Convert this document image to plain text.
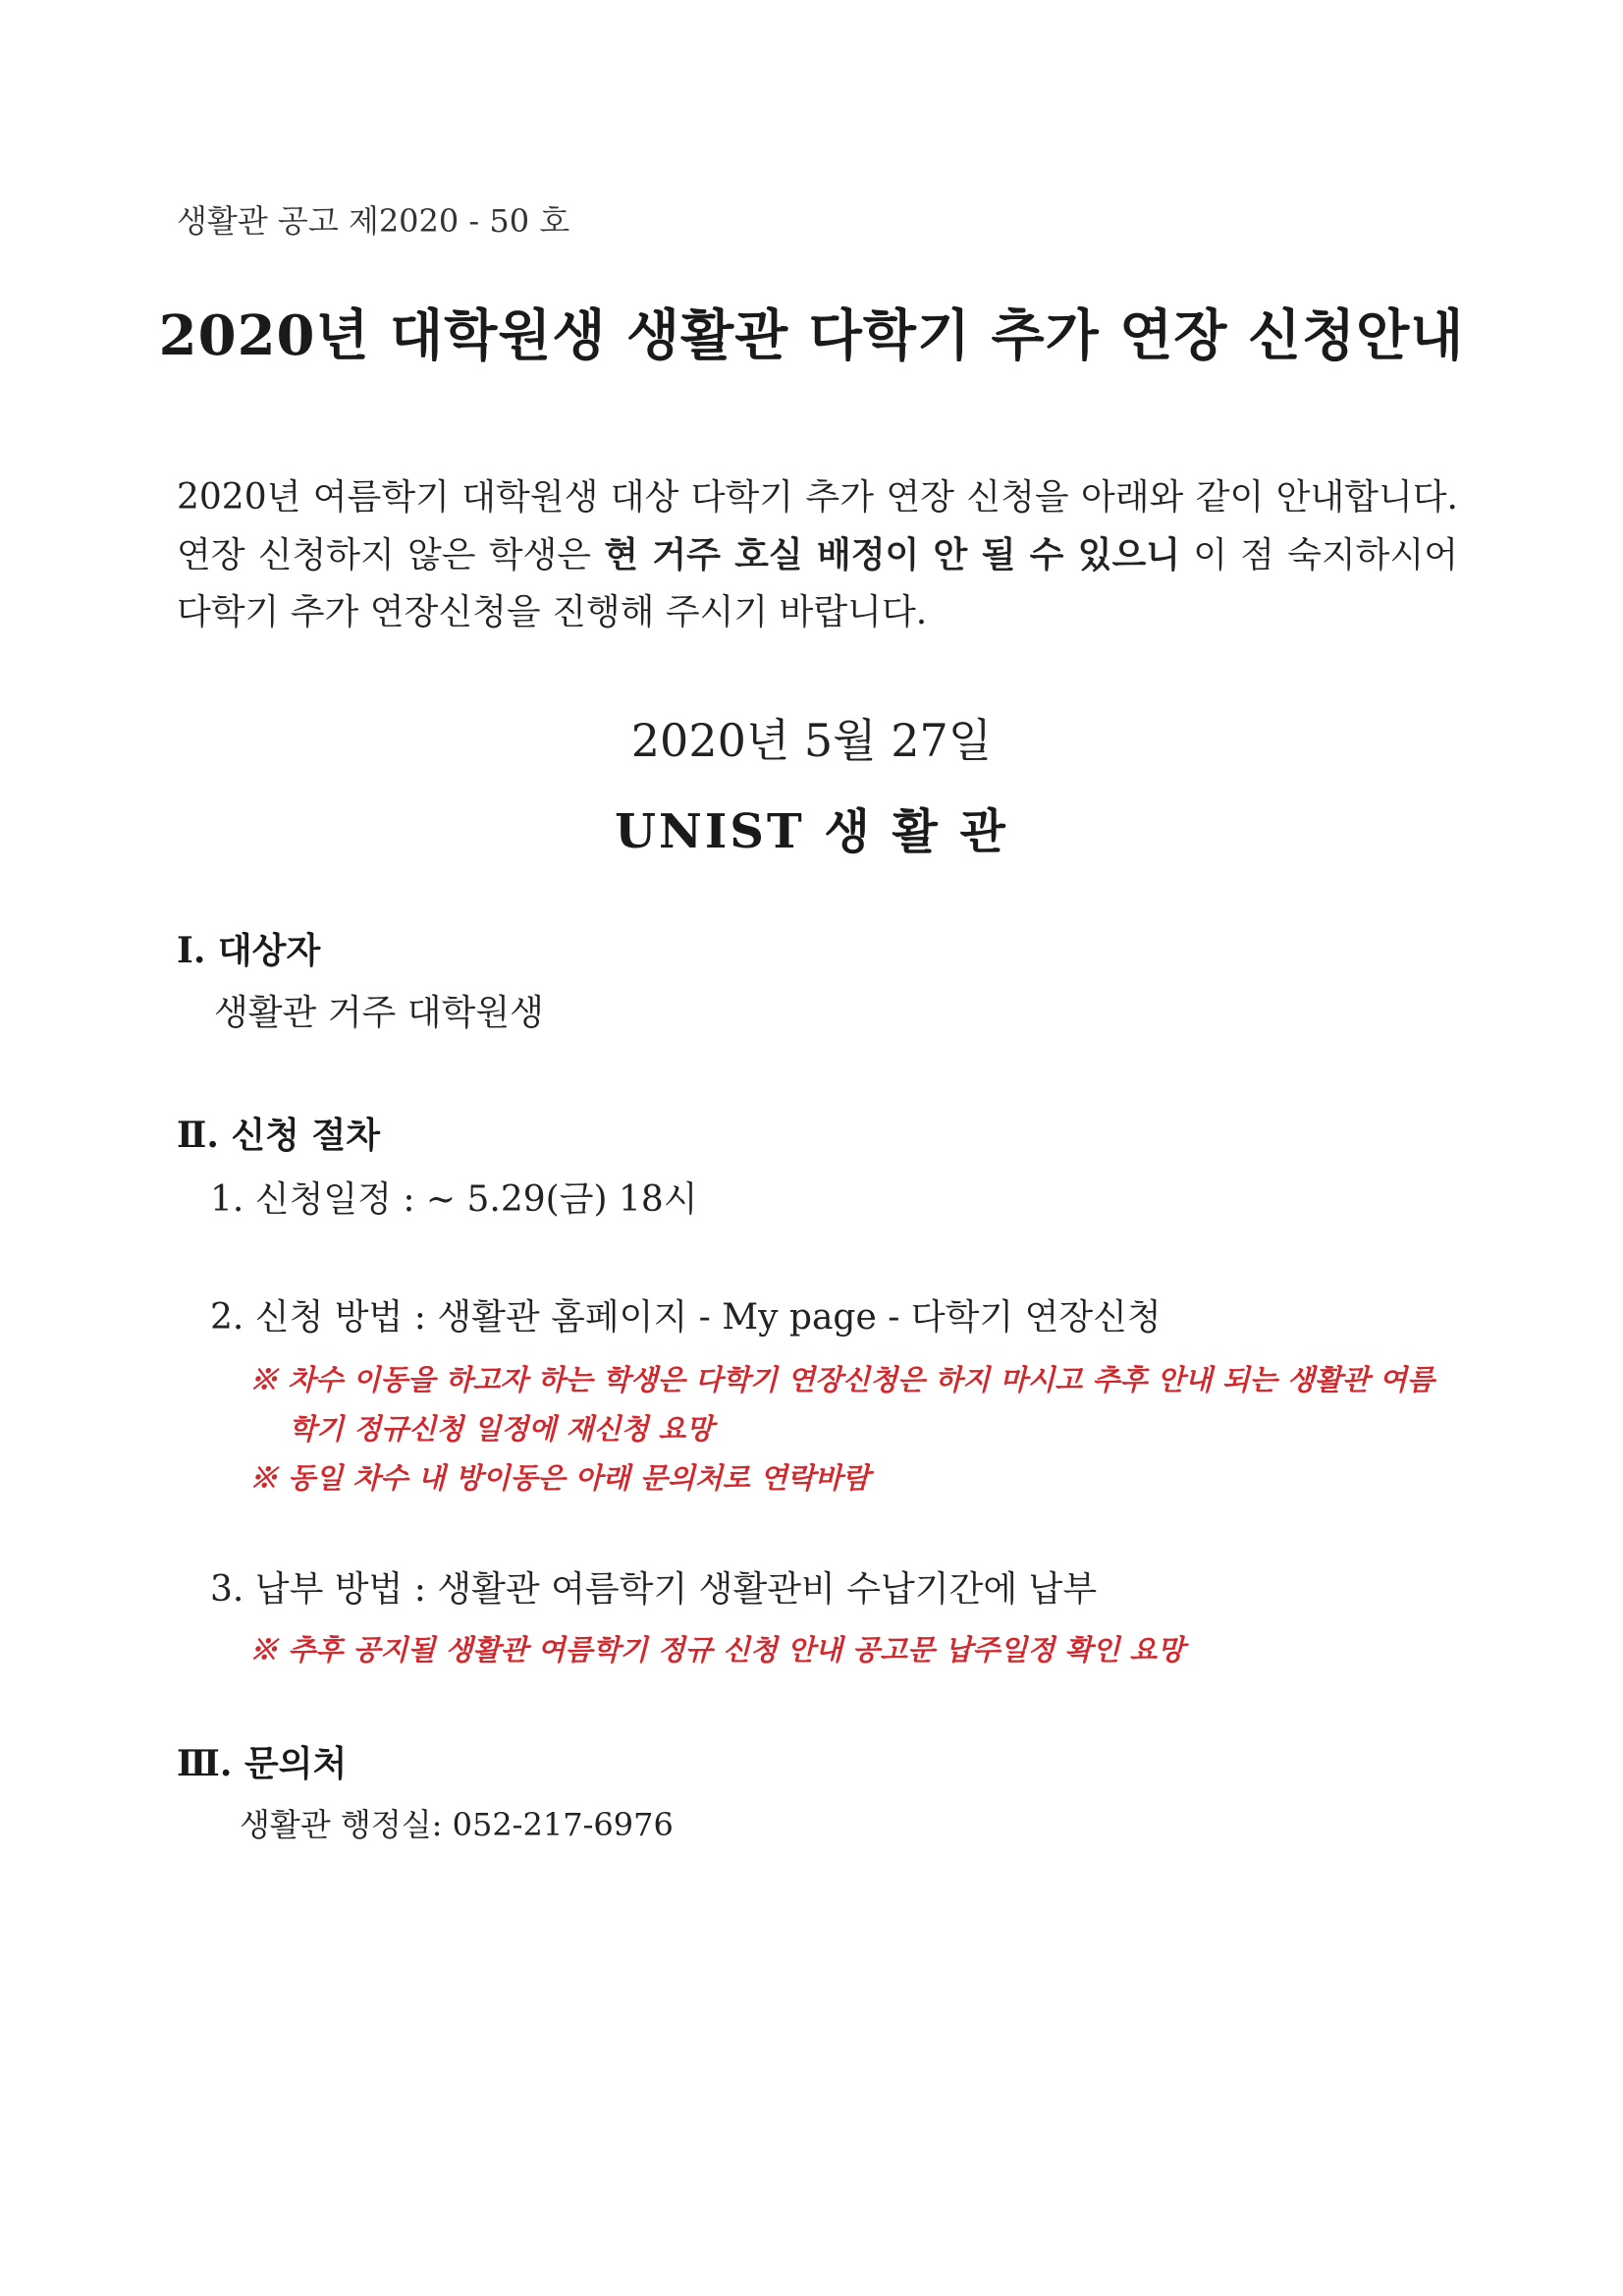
생활관 공고 제2020 - 50 호
2020년 대학원생 생활관 다학기 추가 연장 신청안내
2020년 여름학기 대학원생 대상 다학기 추가 연장 신청을 아래와 같이 안내합니다. 연장 신청하지 않은 학생은 현 거주 호실 배정이 안 될 수 있으니 이 점 숙지하시어 다학기 추가 연장신청을 진행해 주시기 바랍니다.
2020년 5월 27일
UNIST 생 활 관
Ⅰ. 대상자
생활관 거주 대학원생
Ⅱ. 신청 절차
1. 신청일정 : ~ 5.29(금) 18시
2. 신청 방법 : 생활관 홈페이지 - My page - 다학기 연장신청
※ 차수 이동을 하고자 하는 학생은 다학기 연장신청은 하지 마시고 추후 안내 되는 생활관 여름
학기 정규신청 일정에 재신청 요망
※ 동일 차수 내 방이동은 아래 문의처로 연락바람
3. 납부 방법 : 생활관 여름학기 생활관비 수납기간에 납부
※ 추후 공지될 생활관 여름학기 정규 신청 안내 공고문 납주일정 확인 요망
Ⅲ. 문의처
생활관 행정실: 052-217-6976
